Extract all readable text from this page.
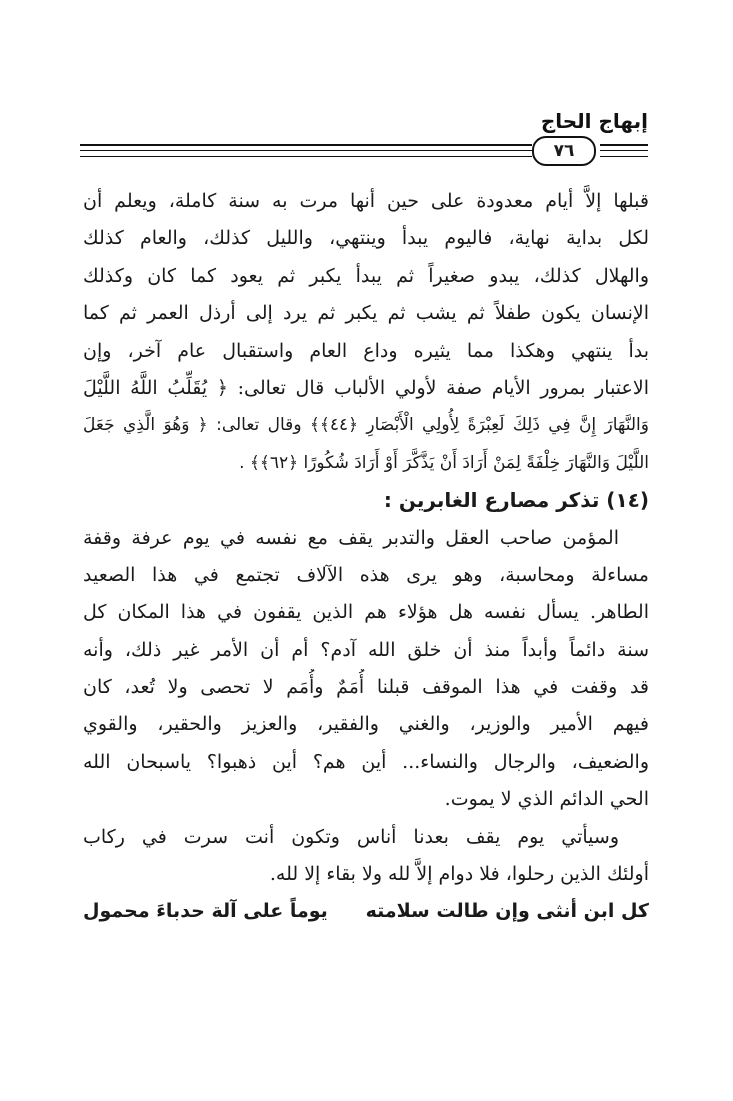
إبهاج الحاج
٧٦
قبلها إلاَّ أيام معدودة على حين أنها مرت به سنة كاملة، ويعلم أن
لكل بداية نهاية، فاليوم يبدأ وينتهي، والليل كذلك، والعام كذلك
والهلال كذلك، يبدو صغيراً ثم يبدأ يكبر ثم يعود كما كان وكذلك
الإنسان يكون طفلاً ثم يشب ثم يكبر ثم يرد إلى أرذل العمر ثم كما
بدأ ينتهي وهكذا مما يثيره وداع العام واستقبال عام آخر، وإن
الاعتبار بمرور الأيام صفة لأولي الألباب قال تعالى: ﴿ يُقَلِّبُ اللَّهُ اللَّيْلَ
وَالنَّهَارَ إِنَّ فِي ذَلِكَ لَعِبْرَةً لِأُولِي الْأَبْصَارِ ﴿٤٤﴾﴾ وقال تعالى: ﴿ وَهُوَ الَّذِي جَعَلَ
اللَّيْلَ وَالنَّهَارَ خِلْفَةً لِمَنْ أَرَادَ أَنْ يَذَّكَّرَ أَوْ أَرَادَ شُكُورًا ﴿٦٢﴾﴾ .
(١٤) تذكر مصارع الغابرين :
المؤمن صاحب العقل والتدبر يقف مع نفسه في يوم عرفة وقفة
مساءلة ومحاسبة، وهو يرى هذه الآلاف تجتمع في هذا الصعيد
الطاهر. يسأل نفسه هل هؤلاء هم الذين يقفون في هذا المكان كل
سنة دائماً وأبداً منذ أن خلق الله آدم؟ أم أن الأمر غير ذلك، وأنه
قد وقفت في هذا الموقف قبلنا أُمَمٌ وأُمَم لا تحصى ولا تُعد، كان
فيهم الأمير والوزير، والغني والفقير، والعزيز والحقير، والقوي
والضعيف، والرجال والنساء... أين هم؟ أين ذهبوا؟ ياسبحان الله
الحي الدائم الذي لا يموت.
وسيأتي يوم يقف بعدنا أناس وتكون أنت سرت في ركاب
أولئك الذين رحلوا، فلا دوام إلاَّ لله ولا بقاء إلا لله.
كل ابن أنثى وإن طالت سلامته
يوماً على آلة حدباءَ محمول
